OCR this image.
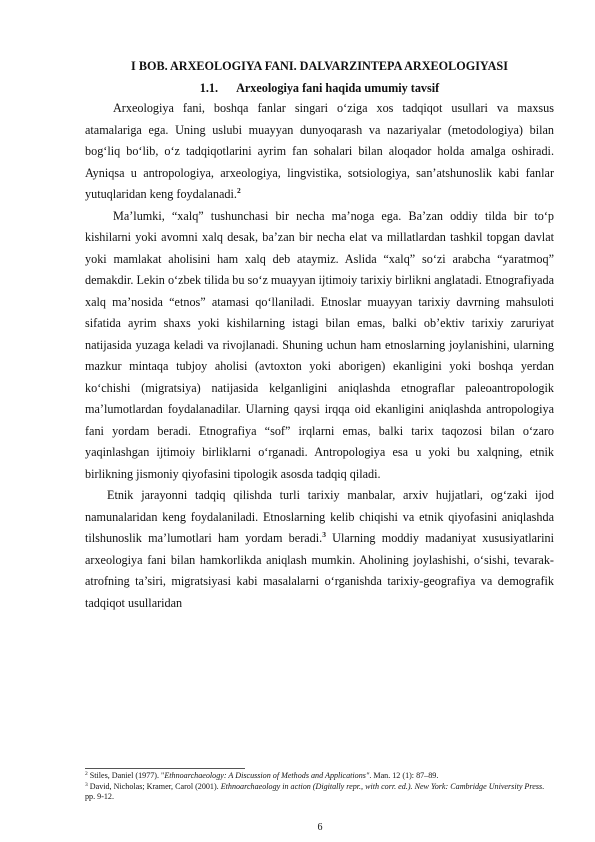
I BOB. ARXEOLOGIYA FANI. DALVARZINTEPA ARXEOLOGIYASI

1.1. Arxeologiya fani haqida umumiy tavsif

Arxeologiya fani, boshqa fanlar singari o‘ziga xos tadqiqot usullari va maxsus atamalariga ega. Uning uslubi muayyan dunyoqarash va nazariyalar (metodologiya) bilan bog‘liq bo‘lib, o‘z tadqiqotlarini ayrim fan sohalari bilan aloqador holda amalga oshiradi. Ayniqsa u antropologiya, arxeologiya, lingvistika, sotsiologiya, san’atshunoslik kabi fanlar yutuqlaridan keng foydalanadi.$^2$

Ma’lumki, “xalq” tushunchasi bir necha ma’noga ega. Ba’zan oddiy tilda bir to‘p kishilarni yoki avomni xalq desak, ba’zan bir necha elat va millatlardan tashkil topgan davlat yoki mamlakat aholisini ham xalq deb ataymiz. Aslida “xalq” so‘zi arabcha “yaratmoq” demakdir. Lekin o‘zbek tilida bu so‘z muayyan ijtimoiy tarixiy birlikni anglatadi. Etnografiyada xalq ma’nosida “etnos” atamasi qo‘llaniladi. Etnoslar muayyan tarixiy davrning mahsuloti sifatida ayrim shaxs yoki kishilarning istagi bilan emas, balki ob’ektiv tarixiy zaruriyat natijasida yuzaga keladi va rivojlanadi. Shuning uchun ham etnoslarning joylanishini, ularning mazkur mintaqa tubjoy aholisi (avtoxton yoki aborigen) ekanligini yoki boshqa yerdan ko‘chishi (migratsiya) natijasida kelganligini aniqlashda etnograflar paleoantropologik ma’lumotlardan foydalanadilar. Ularning qaysi irqqa oid ekanligini aniqlashda antropologiya fani yordam beradi. Etnografiya “sof” irqlarni emas, balki tarix taqozosi bilan o‘zaro yaqinlashgan ijtimoiy birliklarni o‘rganadi. Antropologiya esa u yoki bu xalqning, etnik birlikning jismoniy qiyofasini tipologik asosda tadqiq qiladi.

Etnik jarayonni tadqiq qilishda turli tarixiy manbalar, arxiv hujjatlari, og‘zaki ijod namunalaridan keng foydalaniladi. Etnoslarning kelib chiqishi va etnik qiyofasini aniqlashda tilshunoslik ma’lumotlari ham yordam beradi.$^3$ Ularning moddiy madaniyat xususiyatlarini arxeologiya fani bilan hamkorlikda aniqlash mumkin. Aholining joylashishi, o‘sishi, tevarak-atrofning ta’siri, migratsiyasi kabi masalalarni o‘rganishda tarixiy-geografiya va demografik tadqiqot usullaridan

$^2$ Stiles, Daniel (1977). "Ethnoarchaeology: A Discussion of Methods and Applications". Man. 12 (1): 87–89.

$^3$ David, Nicholas; Kramer, Carol (2001). Ethnoarchaeology in action (Digitally repr., with corr. ed.). New York: Cambridge University Press. pp. 9-12.

6
